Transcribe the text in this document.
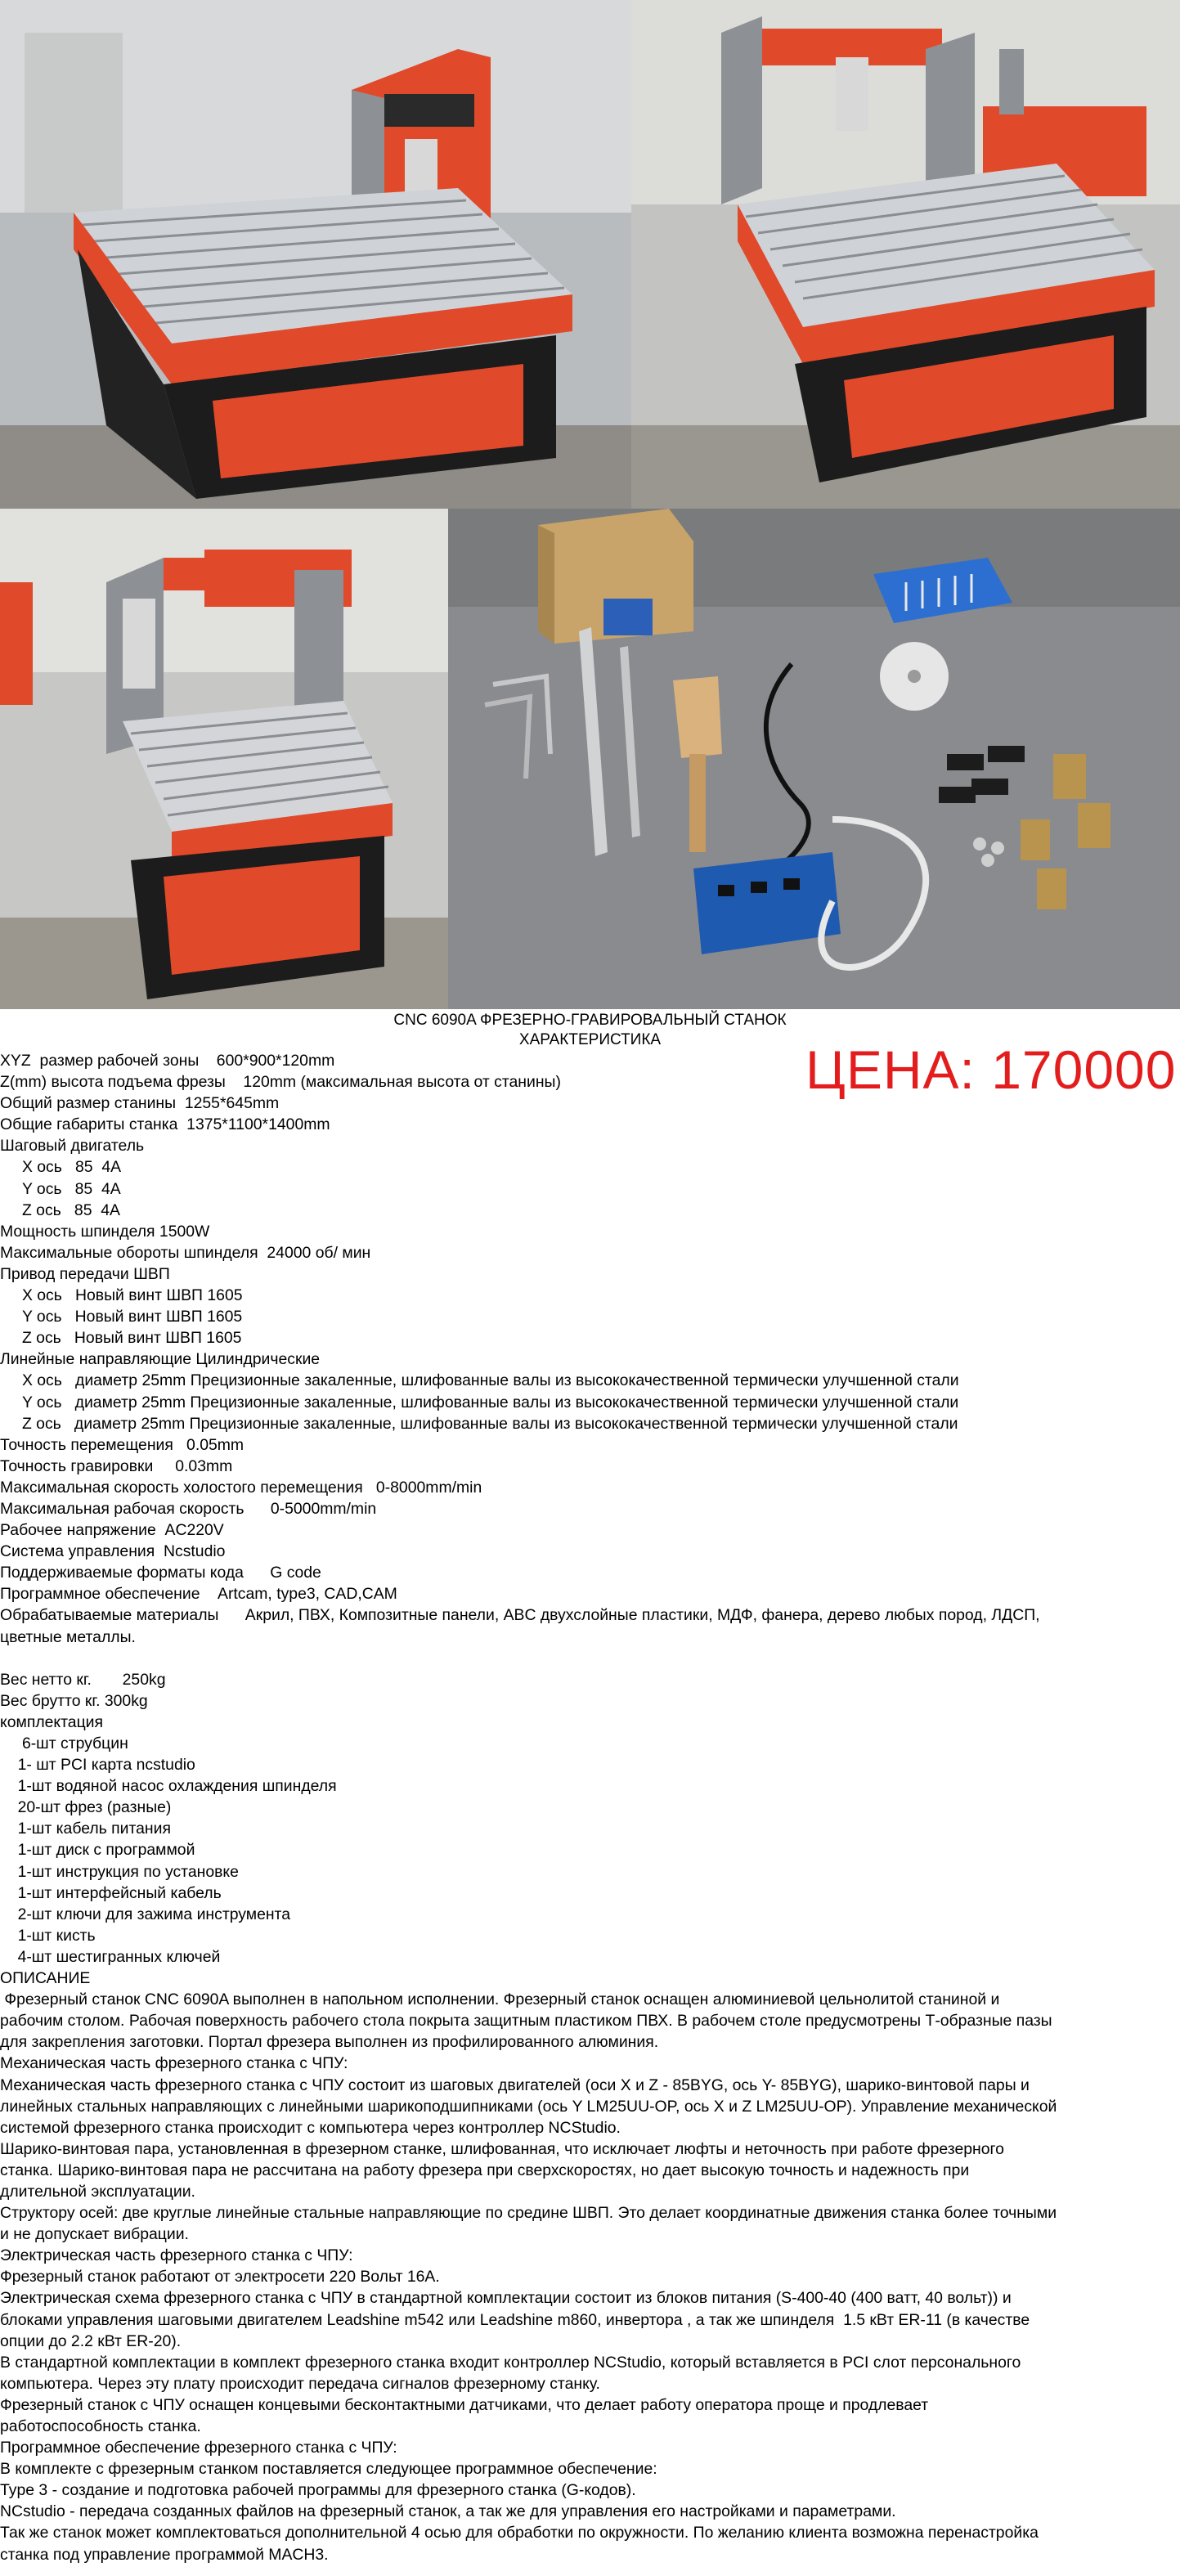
CNC 6090A ФРЕЗЕРНО-ГРАВИРОВАЛЬНЫЙ СТАНОК
ХАРАКТЕРИСТИКА	ЦЕНА: 170000
XYZ  размер рабочей зоны    600*900*120mm
Z(mm) высота подъема фрезы    120mm (максимальная высота от станины)
Общий размер станины  1255*645mm
Общие габариты станка  1375*1100*1400mm
Шаговый двигатель
X ось   85  4A
Y ось   85  4A
Z ось   85  4A
Мощность шпинделя 1500W
Максимальные обороты шпинделя  24000 об/ мин
Привод передачи ШВП
X ось   Новый винт ШВП 1605
Y ось   Новый винт ШВП 1605
Z ось   Новый винт ШВП 1605
Линейные направляющие Цилиндрические
X ось   диаметр 25mm Прецизионные закаленные, шлифованные валы из высококачественной термически улучшенной стали
Y ось   диаметр 25mm Прецизионные закаленные, шлифованные валы из высококачественной термически улучшенной стали
Z ось   диаметр 25mm Прецизионные закаленные, шлифованные валы из высококачественной термически улучшенной стали
Точность перемещения   0.05mm
Точность гравировки     0.03mm
Максимальная скорость холостого перемещения   0-8000mm/min
Максимальная рабочая скорость      0-5000mm/min
Рабочее напряжение  AC220V
Система управления  Ncstudio
Поддерживаемые форматы кода      G code
Программное обеспечение    Artcam, type3, CAD,CAM
Обрабатываемые материалы      Акрил, ПВХ, Композитные панели, ABC двухслойные пластики, МДФ, фанера, дерево любых пород, ЛДСП,
цветные металлы.
Вес нетто кг.       250kg
Вес брутто кг. 300kg
комплектация
6-шт струбцин
1- шт PCI карта ncstudio
1-шт водяной насос охлаждения шпинделя
20-шт фрез (разные)
1-шт кабель питания
1-шт диск с программой
1-шт инструкция по установке
1-шт интерфейсный кабель
2-шт ключи для зажима инструмента
1-шт кисть
4-шт шестигранных ключей
ОПИСАНИЕ
Фрезерный станок CNC 6090A выполнен в напольном исполнении. Фрезерный станок оснащен алюминиевой цельнолитой станиной и
рабочим столом. Рабочая поверхность рабочего стола покрыта защитным пластиком ПВХ. В рабочем столе предусмотрены Т-образные пазы
для закрепления заготовки. Портал фрезера выполнен из профилированного алюминия.
Механическая часть фрезерного станка с ЧПУ:
Механическая часть фрезерного станка с ЧПУ состоит из шаговых двигателей (оси X и Z - 85BYG, ось Y- 85BYG), шарико-винтовой пары и
линейных стальных направляющих с линейными шарикоподшипниками (ось Y LM25UU-OP, ось X и Z LM25UU-OP). Управление механической
системой фрезерного станка происходит с компьютера через контроллер NCStudio.
Шарико-винтовая пара, установленная в фрезерном станке, шлифованная, что исключает люфты и неточность при работе фрезерного
станка. Шарико-винтовая пара не рассчитана на работу фрезера при сверхскоростях, но дает высокую точность и надежность при
длительной эксплуатации.
Структору осей: две круглые линейные стальные направляющие по средине ШВП. Это делает координатные движения станка более точными
и не допускает вибрации.
Электрическая часть фрезерного станка с ЧПУ:
Фрезерный станок работают от электросети 220 Вольт 16А.
Электрическая схема фрезерного станка с ЧПУ в стандартной комплектации состоит из блоков питания (S-400-40 (400 ватт, 40 вольт)) и
блоками управления шаговыми двигателем Leadshine m542 или Leadshine m860, инвертора , а так же шпинделя  1.5 кВт ER-11 (в качестве
опции до 2.2 кВт ER-20).
В стандартной комплектации в комплект фрезерного станка входит контроллер NCStudio, который вставляется в PCI слот персонального
компьютера. Через эту плату происходит передача сигналов фрезерному станку.
Фрезерный станок с ЧПУ оснащен концевыми бесконтактными датчиками, что делает работу оператора проще и продлевает
работоспособность станка.
Программное обеспечение фрезерного станка с ЧПУ:
В комплекте с фрезерным станком поставляется следующее программное обеспечение:
Type 3 - создание и подготовка рабочей программы для фрезерного станка (G-кодов).
NCstudio - передача созданных файлов на фрезерный станок, а так же для управления его настройками и параметрами.
Так же станок может комплектоваться дополнительной 4 осью для обработки по окружности. По желанию клиента возможна перенастройка
станка под управление программой MACH3.
